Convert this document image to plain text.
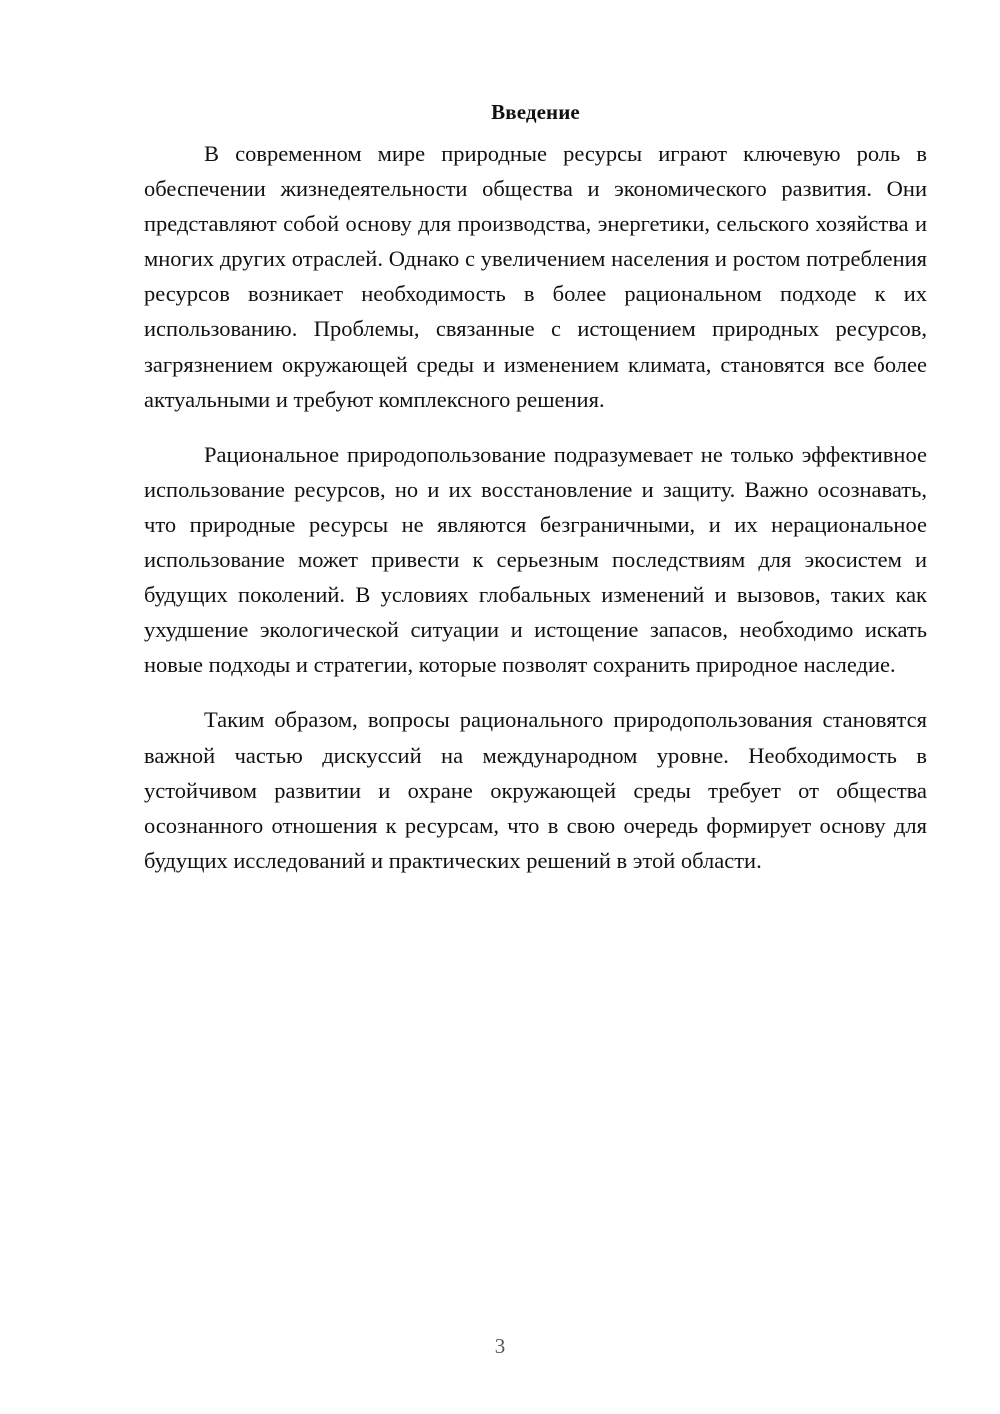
Введение

В современном мире природные ресурсы играют ключевую роль в обеспечении жизнедеятельности общества и экономического развития. Они представляют собой основу для производства, энергетики, сельского хозяйства и многих других отраслей. Однако с увеличением населения и ростом потребления ресурсов возникает необходимость в более рациональном подходе к их использованию. Проблемы, связанные с истощением природных ресурсов, загрязнением окружающей среды и изменением климата, становятся все более актуальными и требуют комплексного решения.

Рациональное природопользование подразумевает не только эффективное использование ресурсов, но и их восстановление и защиту. Важно осознавать, что природные ресурсы не являются безграничными, и их нерациональное использование может привести к серьезным последствиям для экосистем и будущих поколений. В условиях глобальных изменений и вызовов, таких как ухудшение экологической ситуации и истощение запасов, необходимо искать новые подходы и стратегии, которые позволят сохранить природное наследие.

Таким образом, вопросы рационального природопользования становятся важной частью дискуссий на международном уровне. Необходимость в устойчивом развитии и охране окружающей среды требует от общества осознанного отношения к ресурсам, что в свою очередь формирует основу для будущих исследований и практических решений в этой области.

3
